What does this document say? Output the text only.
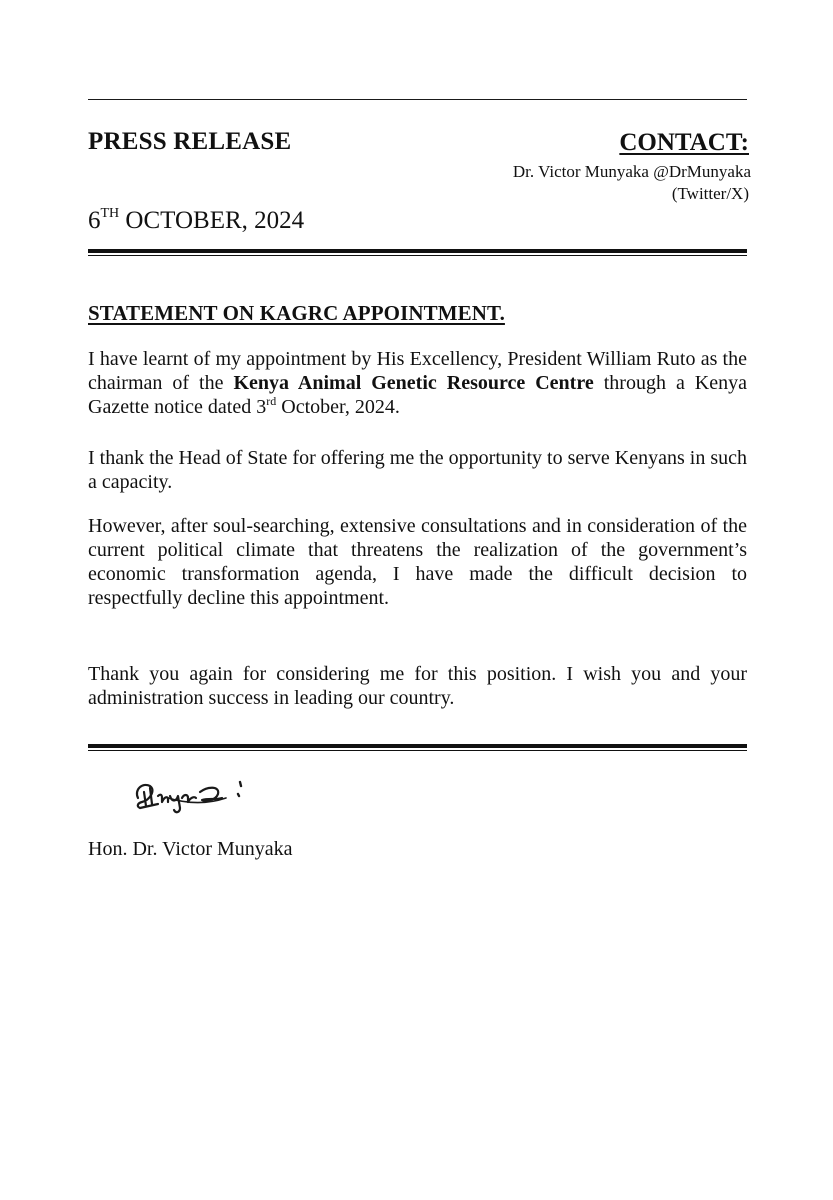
PRESS RELEASE	CONTACT:
Dr. Victor Munyaka @DrMunyaka
(Twitter/X)
6TH OCTOBER, 2024
STATEMENT ON KAGRC APPOINTMENT.
I have learnt of my appointment by His Excellency, President William Ruto as the chairman of the Kenya Animal Genetic Resource Centre through a Kenya Gazette notice dated 3rd October, 2024.
I thank the Head of State for offering me the opportunity to serve Kenyans in such a capacity.
However, after soul-searching, extensive consultations and in consideration of the current political climate that threatens the realization of the government’s economic transformation agenda, I have made the difficult decision to respectfully decline this appointment.
Thank you again for considering me for this position. I wish you and your administration success in leading our country.
Hon. Dr. Victor Munyaka
